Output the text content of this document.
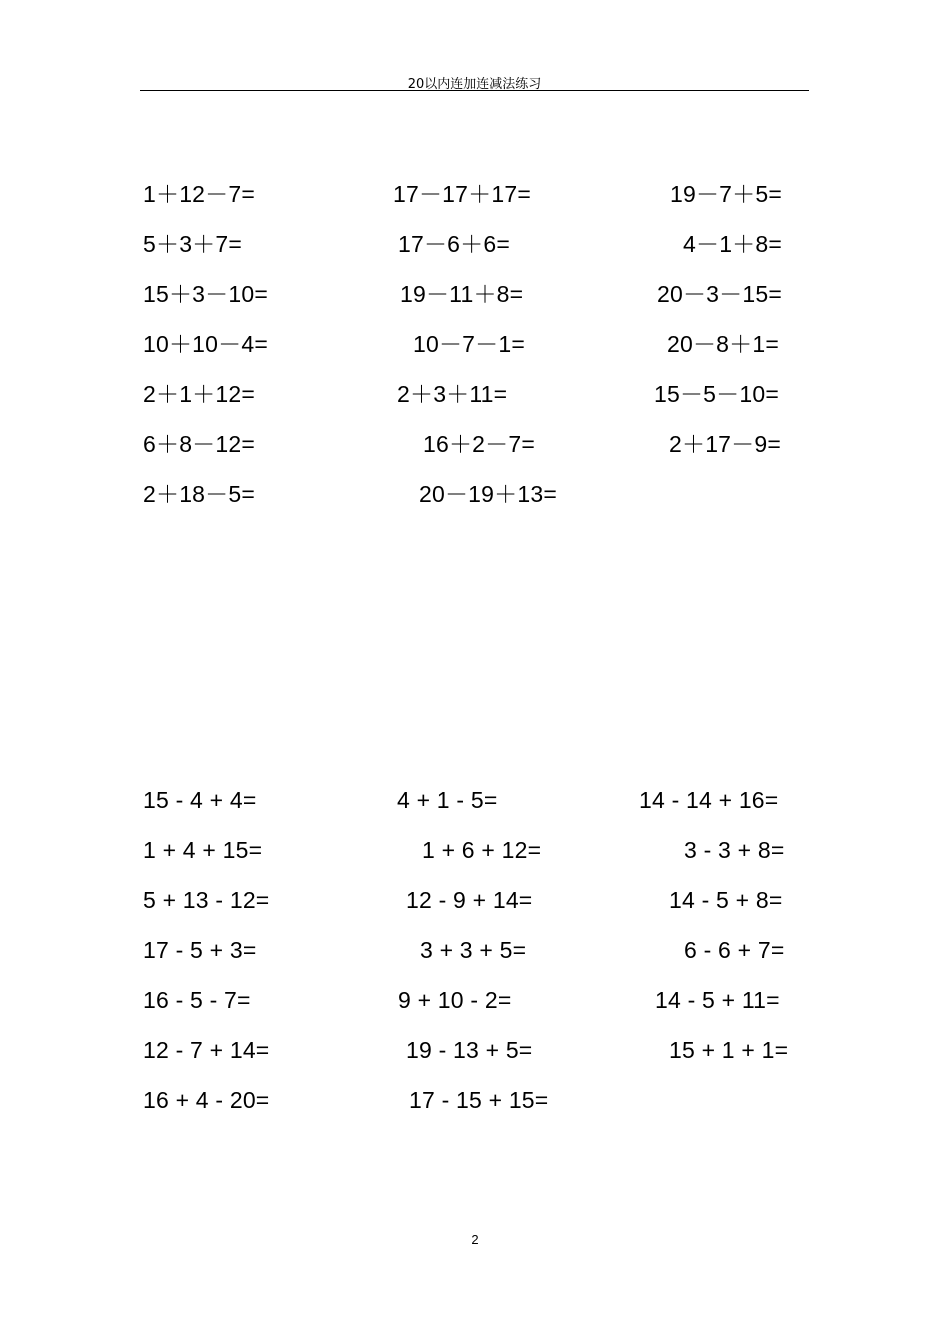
20以内连加连减法练习
1＋12－7=	17－17＋17=	19－7＋5=
5＋3＋7=	17－6＋6=	4－1＋8=
15＋3－10=	19－11＋8=	20－3－15=
10＋10－4=	10－7－1=	20－8＋1=
2＋1＋12=	2＋3＋11=	15－5－10=
6＋8－12=	16＋2－7=	2＋17－9=
2＋18－5=	20－19＋13=
15 - 4 + 4=	4 + 1 - 5=	14 - 14 + 16=
1 + 4 + 15=	1 + 6 + 12=	3 - 3 + 8=
5 + 13 - 12=	12 - 9 + 14=	14 - 5 + 8=
17 - 5 + 3=	3 + 3 + 5=	6 - 6 + 7=
16 - 5 - 7=	9 + 10 - 2=	14 - 5 + 11=
12 - 7 + 14=	19 - 13 + 5=	15 + 1 + 1=
16 + 4 - 20=	17 - 15 + 15=
2
